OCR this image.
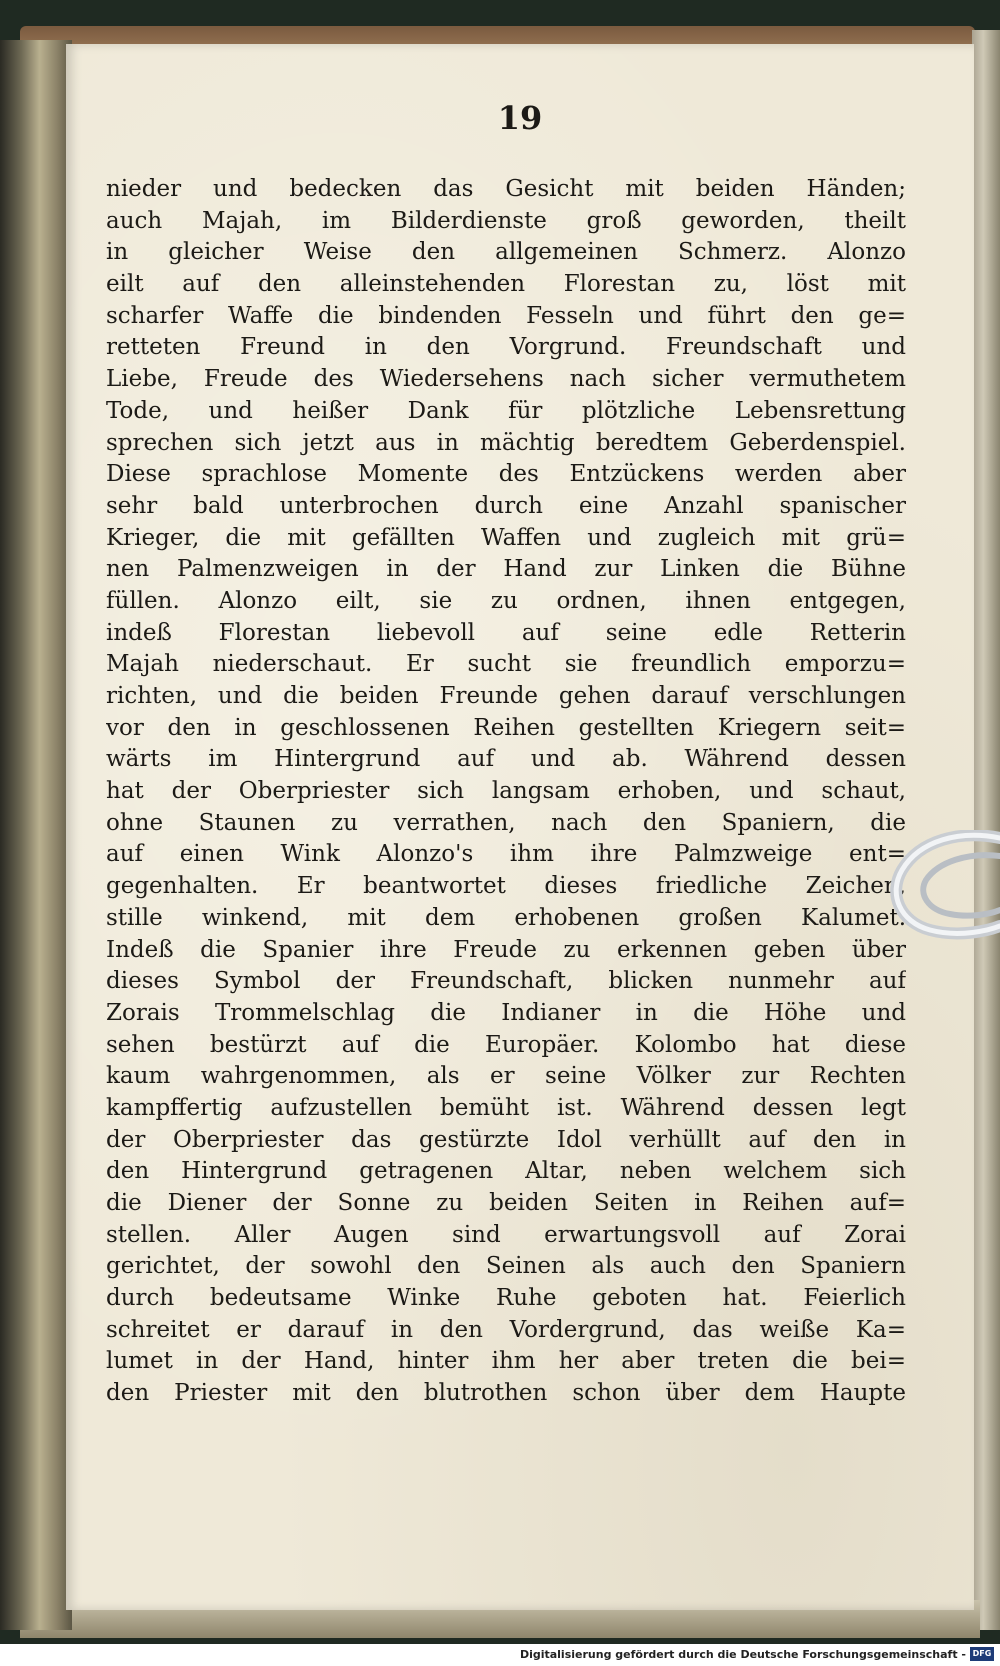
19
nieder und bedecken das Gesicht mit beiden Händen;
auch Majah, im Bilderdienste groß geworden, theilt
in gleicher Weise den allgemeinen Schmerz. Alonzo
eilt auf den alleinstehenden Florestan zu, löst mit
scharfer Waffe die bindenden Fesseln und führt den ge=
retteten Freund in den Vorgrund. Freundschaft und
Liebe, Freude des Wiedersehens nach sicher vermuthetem
Tode, und heißer Dank für plötzliche Lebensrettung
sprechen sich jetzt aus in mächtig beredtem Geberdenspiel.
Diese sprachlose Momente des Entzückens werden aber
sehr bald unterbrochen durch eine Anzahl spanischer
Krieger, die mit gefällten Waffen und zugleich mit grü=
nen Palmenzweigen in der Hand zur Linken die Bühne
füllen. Alonzo eilt, sie zu ordnen, ihnen entgegen,
indeß Florestan liebevoll auf seine edle Retterin
Majah niederschaut. Er sucht sie freundlich emporzu=
richten, und die beiden Freunde gehen darauf verschlungen
vor den in geschlossenen Reihen gestellten Kriegern seit=
wärts im Hintergrund auf und ab. Während dessen
hat der Oberpriester sich langsam erhoben, und schaut,
ohne Staunen zu verrathen, nach den Spaniern, die
auf einen Wink Alonzo's ihm ihre Palmzweige ent=
gegenhalten. Er beantwortet dieses friedliche Zeichen,
stille winkend, mit dem erhobenen großen Kalumet.
Indeß die Spanier ihre Freude zu erkennen geben über
dieses Symbol der Freundschaft, blicken nunmehr auf
Zorais Trommelschlag die Indianer in die Höhe und
sehen bestürzt auf die Europäer. Kolombo hat diese
kaum wahrgenommen, als er seine Völker zur Rechten
kampffertig aufzustellen bemüht ist. Während dessen legt
der Oberpriester das gestürzte Idol verhüllt auf den in
den Hintergrund getragenen Altar, neben welchem sich
die Diener der Sonne zu beiden Seiten in Reihen auf=
stellen. Aller Augen sind erwartungsvoll auf Zorai
gerichtet, der sowohl den Seinen als auch den Spaniern
durch bedeutsame Winke Ruhe geboten hat. Feierlich
schreitet er darauf in den Vordergrund, das weiße Ka=
lumet in der Hand, hinter ihm her aber treten die bei=
den Priester mit den blutrothen schon über dem Haupte
Digitalisierung gefördert durch die Deutsche Forschungsgemeinschaft - DFG
